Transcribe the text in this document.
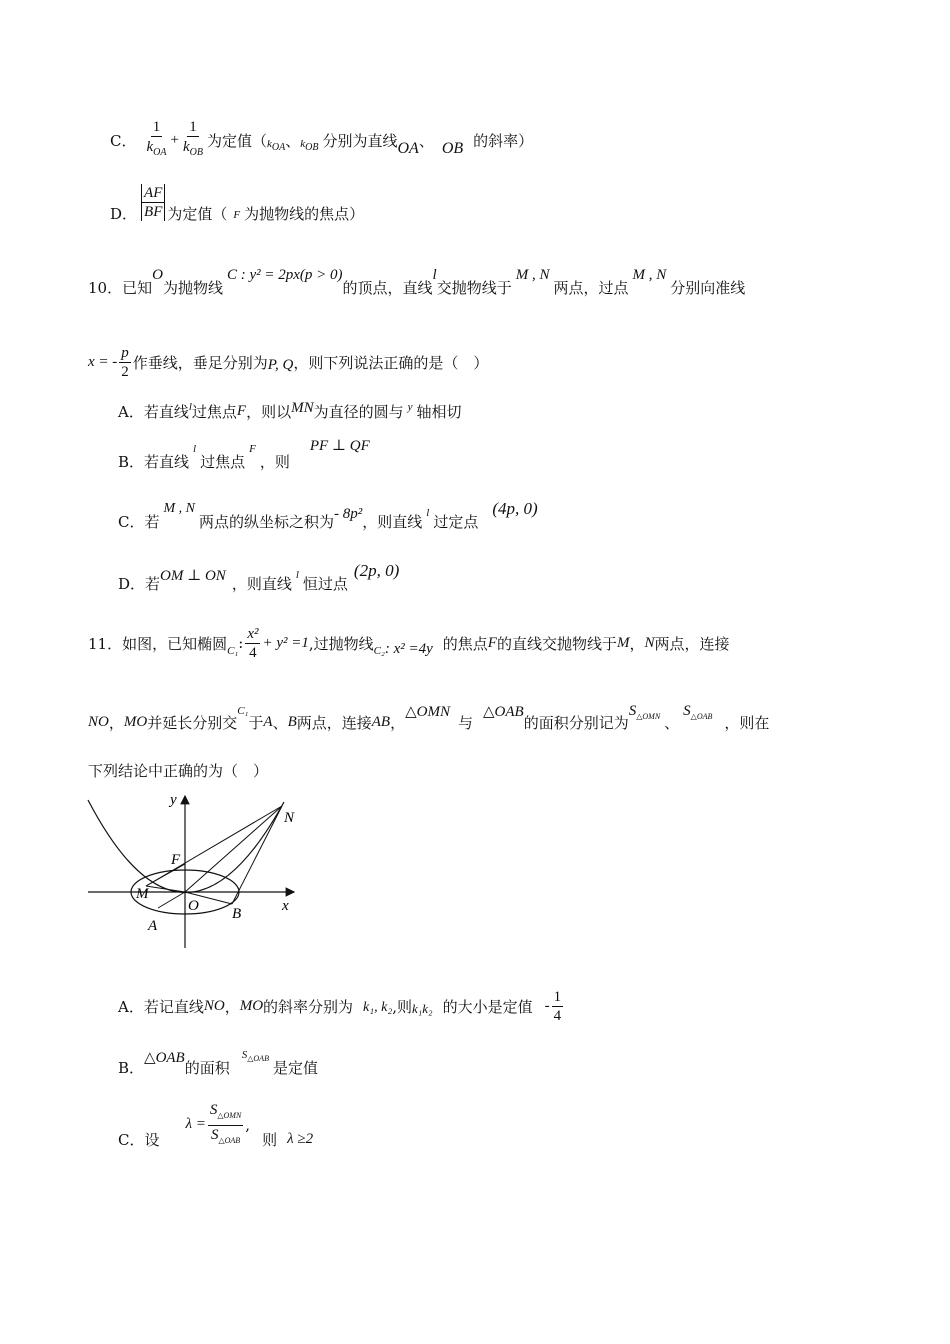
C． $\frac{1}{k_{OA}} + \frac{1}{k_{OB}}$ 为定值（ $k_{OA}$ 、 $k_{OB}$ 分别为直线 OA 、 OB 的斜率）
D． $\frac{AF}{BF}$ 为定值（ F 为抛物线的焦点）
10．已知
O
为抛物线
C : y² = 2px(p > 0)
的顶点，直线
l
交抛物线于
M , N
两点，过点
M , N
分别向准线
x = - $\frac{p}{2}$ 作垂线，垂足分别为 P, Q ，则下列说法正确的是（　）
A．若直线 l 过焦点 F ，则以 MN 为直径的圆与 y 轴相切
B．若直线
l
过焦点
F
，则
PF ⊥ QF
C．若
M , N
两点的纵坐标之积为 - 8p² ，则直线 l 过定点
(4p, 0)
D．若 OM ⊥ ON ，则直线 l 恒过点
(2p, 0)
11．如图，已知椭圆 C₁ : $\frac{\text{x²}}{4} + y^2 =1$ ,过抛物线 C₂ : x² =4y 的焦点 F 的直线交抛物线于 M ， N 两点，连接
NO ， MO 并延长分别交
C₁
于 A 、 B 两点，连接 AB ，
△OMN
与
△OAB
的面积分别记为
$S_{\triangle OMN}$ 、
$S_{\triangle OAB}$ ，则在
下列结论中正确的为（　）
y
x
N
F
M
O B
A
A．若记直线 NO ， MO 的斜率分别为 k₁, k₂ ,则 k₁k₂ 的大小是定值 - $\frac{1}{4}$
B．
△OAB
的面积
$S_{\triangle OAB}$ 是定值
C．设
$\lambda = \frac{S_{\triangle OMN}}{S_{\triangle OAB}}$ ,
则 λ ≥2
